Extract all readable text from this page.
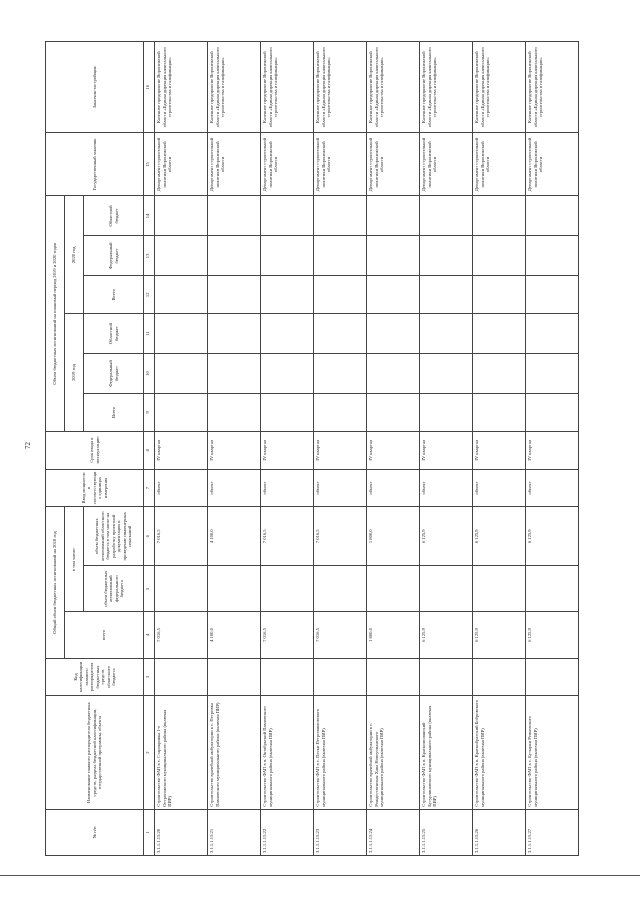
72
№ п/п	Наименование главного распорядителя бюджетных средств, раздела бюджетной классификации, государственной программы, объекта	Код классификации главного распорядителя бюджетных средств областного бюджета	Общий объем бюджетных ассигнований на 2018 год			Ввод мощности в соответствующих единицах измерения	Срок ввода в эксплуатацию	Объем бюджетных ассигнований на плановый период 2019 и 2020 годов						Государственный заказчик	Заказчик-застройщик
			всего	в том числе:				2019 год			2020 год				
				объем бюджетных ассигнований федерального бюджета	объем бюджетных ассигнований областного бюджета в том числе на разработку проектной документации и проведение инженерных изысканий			Всего	Федеральный бюджет	Областной бюджет	Всего	Федеральный бюджет	Областной бюджет		
1	2	3	4	5	6	7	8	9	10	11	12	13	14	15	16
3.1.1.1.15.20	Строительство ФАП в с. Старокривка 1-е Острогожского муниципального района (включая ПИР)		7 016,5		7 016,5	объект	IV квартал							Департамент строительной политики Воронежской области	Казенное предприятие Воронежской области «Единая дирекция капитального строительства и газификации»
3.1.1.1.15.21	Строительство врачебной амбулатории в с. Петровка Павловского муниципального района (включая ПИР)		4 100,0		4 100,0	объект	IV квартал							Департамент строительной политики Воронежской области	Казенное предприятие Воронежской области «Единая дирекция капитального строительства и газификации»
3.1.1.1.15.22	Строительство ФАП в п. Октябрьский Павловского муниципального района (включая ПИР)		7 016,5		7 016,5	объект	IV квартал							Департамент строительной политики Воронежской области	Казенное предприятие Воронежской области «Единая дирекция капитального строительства и газификации»
3.1.1.1.15.23	Строительство ФАП в с. Пески Петропавловского муниципального района (включая ПИР)		7 016,5		7 016,5	объект	IV квартал							Департамент строительной политики Воронежской области	Казенное предприятие Воронежской области «Единая дирекция капитального строительства и газификации»
3.1.1.1.15.24	Строительство врачебной амбулатории в с. Рождественская Хава Новоусманского муниципального района (включая ПИР)		1 800,0		1 800,0	объект	IV квартал							Департамент строительной политики Воронежской области	Казенное предприятие Воронежской области «Единая дирекция капитального строительства и газификации»
3.1.1.1.15.25	Строительство ФАП в п. Краснополянский Бутурлиновского муниципального района (включая ПИР)		6 125,9		6 125,9	объект	IV квартал							Департамент строительной политики Воронежской области	Казенное предприятие Воронежской области «Единая дирекция капитального строительства и газификации»
3.1.1.1.15.26	Строительство ФАП в п. Краснобратский Бобровского муниципального района (включая ПИР)		6 125,9		6 125,9	объект	IV квартал							Департамент строительной политики Воронежской области	Казенное предприятие Воронежской области «Единая дирекция капитального строительства и газификации»
3.1.1.1.15.27	Строительство ФАП в с. Бутырки Репьевского муниципального района (включая ПИР)		6 125,9		6 125,9	объект	IV квартал							Департамент строительной политики Воронежской области	Казенное предприятие Воронежской области «Единая дирекция капитального строительства и газификации»
